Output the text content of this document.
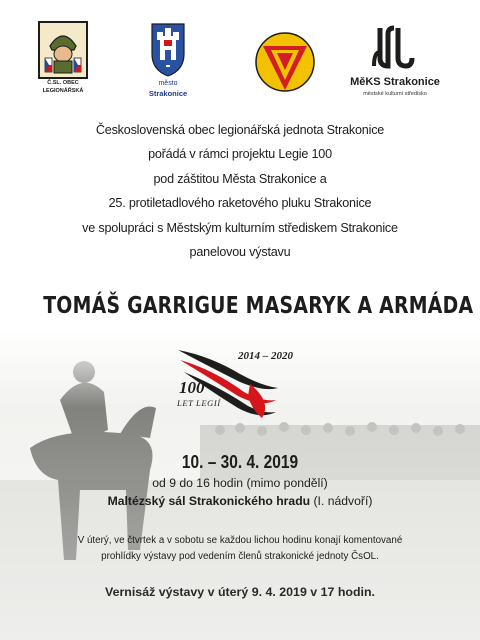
Č.SL. OBEC
LEGIONÁŘSKÁ
město
Strakonice
MěKS Strakonice
městské kulturní středisko
Československá obec legionářská jednota Strakonice
pořádá v rámci projektu Legie 100
pod záštitou Města Strakonice a
25. protiletadlového raketového pluku Strakonice
ve spolupráci s Městským kulturním střediskem Strakonice
panelovou výstavu
TOMÁŠ GARRIGUE MASARYK A ARMÁDA
2014 – 2020
100
LET LEGIÍ
10. – 30. 4. 2019
od 9 do 16 hodin (mimo pondělí)
Maltézský sál Strakonického hradu (I. nádvoří)
V úterý, ve čtvrtek a v sobotu se každou lichou hodinu konají komentované
prohlídky výstavy pod vedením členů strakonické jednoty ČsOL.
Vernisáž výstavy v úterý 9. 4. 2019 v 17 hodin.
